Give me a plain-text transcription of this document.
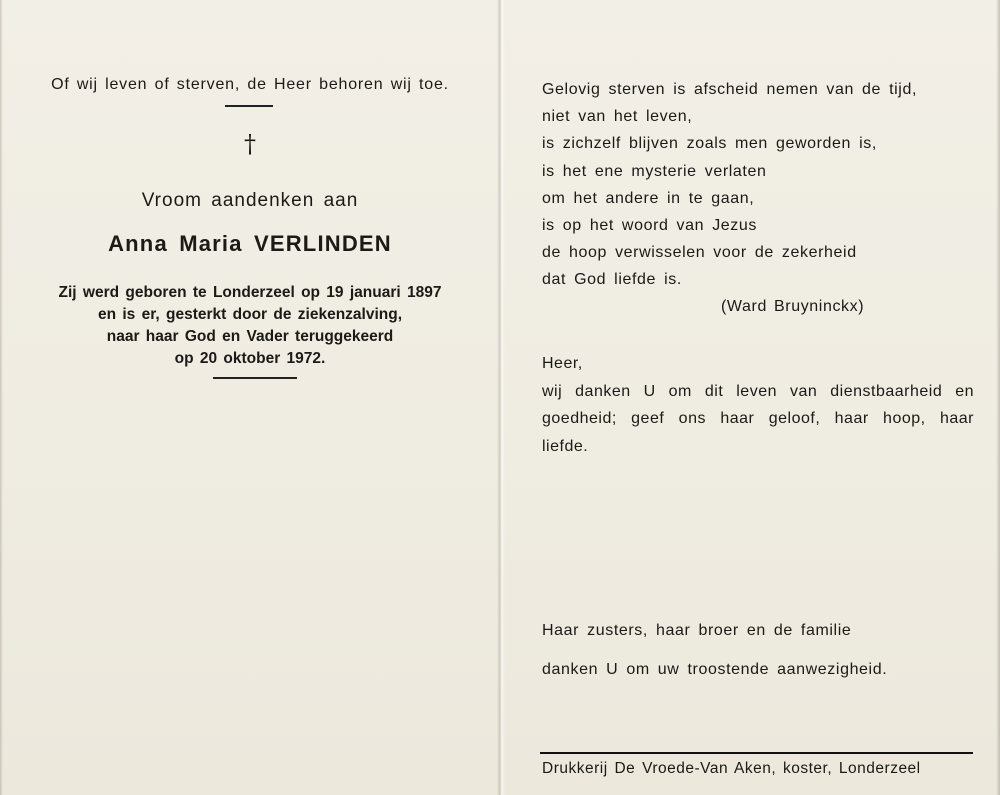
Of wij leven of sterven, de Heer behoren wij toe.
†
Vroom aandenken aan
Anna Maria VERLINDEN
Zij werd geboren te Londerzeel op 19 januari 1897
en is er, gesterkt door de ziekenzalving,
naar haar God en Vader teruggekeerd
op 20 oktober 1972.
Gelovig sterven is afscheid nemen van de tijd,
niet van het leven,
is zichzelf blijven zoals men geworden is,
is het ene mysterie verlaten
om het andere in te gaan,
is op het woord van Jezus
de hoop verwisselen voor de zekerheid
dat God liefde is.
(Ward Bruyninckx)
Heer,
wij danken U om dit leven van dienstbaarheid en goedheid; geef ons haar geloof, haar hoop, haar liefde.
Haar zusters, haar broer en de familie
danken U om uw troostende aanwezigheid.
Drukkerij De Vroede-Van Aken, koster, Londerzeel
